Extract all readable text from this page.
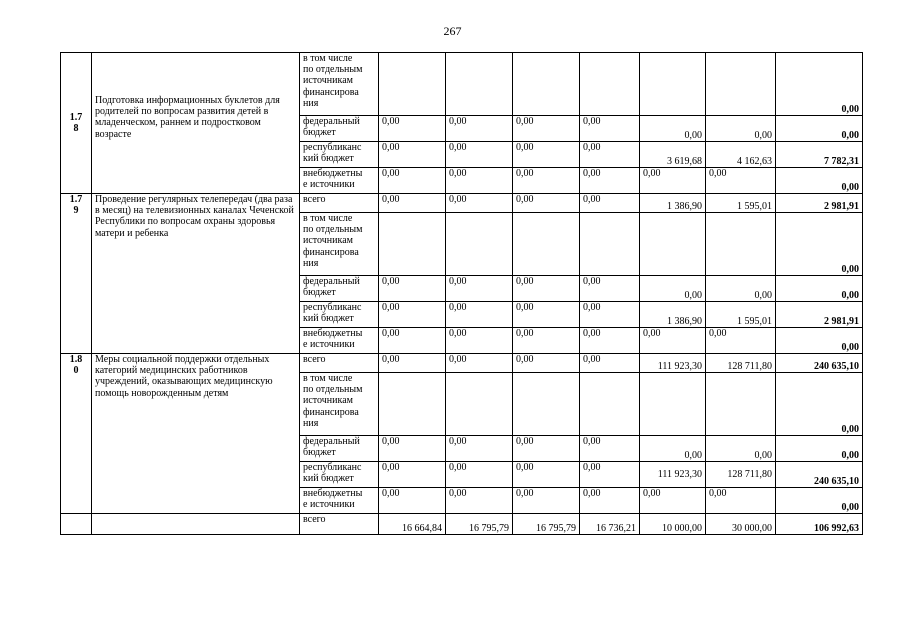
267
1.7
8	Подготовка информационных буклетов для родителей по вопросам развития детей в младенческом, раннем и подростковом возрасте	в том числе
по отдельным
источникам
финансирова
ния							0,00
		федеральный
бюджет	0,00	0,00	0,00	0,00	0,00	0,00	0,00
		республиканс
кий бюджет	0,00	0,00	0,00	0,00	3 619,68	4 162,63	7 782,31
		внебюджетны
е источники	0,00	0,00	0,00	0,00	0,00	0,00	0,00
1.7
9	Проведение регулярных телепередач (два раза в месяц) на телевизионных каналах Чеченской Республики по вопросам охраны здоровья матери и ребенка	всего	0,00	0,00	0,00	0,00	1 386,90	1 595,01	2 981,91
		в том числе
по отдельным
источникам
финансирова
ния							0,00
		федеральный
бюджет	0,00	0,00	0,00	0,00	0,00	0,00	0,00
		республиканс
кий бюджет	0,00	0,00	0,00	0,00	1 386,90	1 595,01	2 981,91
		внебюджетны
е источники	0,00	0,00	0,00	0,00	0,00	0,00	0,00
1.8
0	Меры социальной поддержки отдельных категорий медицинских работников учреждений, оказывающих медицинскую помощь новорожденным детям	всего	0,00	0,00	0,00	0,00	111 923,30	128 711,80	240 635,10
		в том числе
по отдельным
источникам
финансирова
ния							0,00
		федеральный
бюджет	0,00	0,00	0,00	0,00	0,00	0,00	0,00
		республиканс
кий бюджет	0,00	0,00	0,00	0,00	111 923,30	128 711,80	240 635,10
		внебюджетны
е источники	0,00	0,00	0,00	0,00	0,00	0,00	0,00
		всего	16 664,84	16 795,79	16 795,79	16 736,21	10 000,00	30 000,00	106 992,63
